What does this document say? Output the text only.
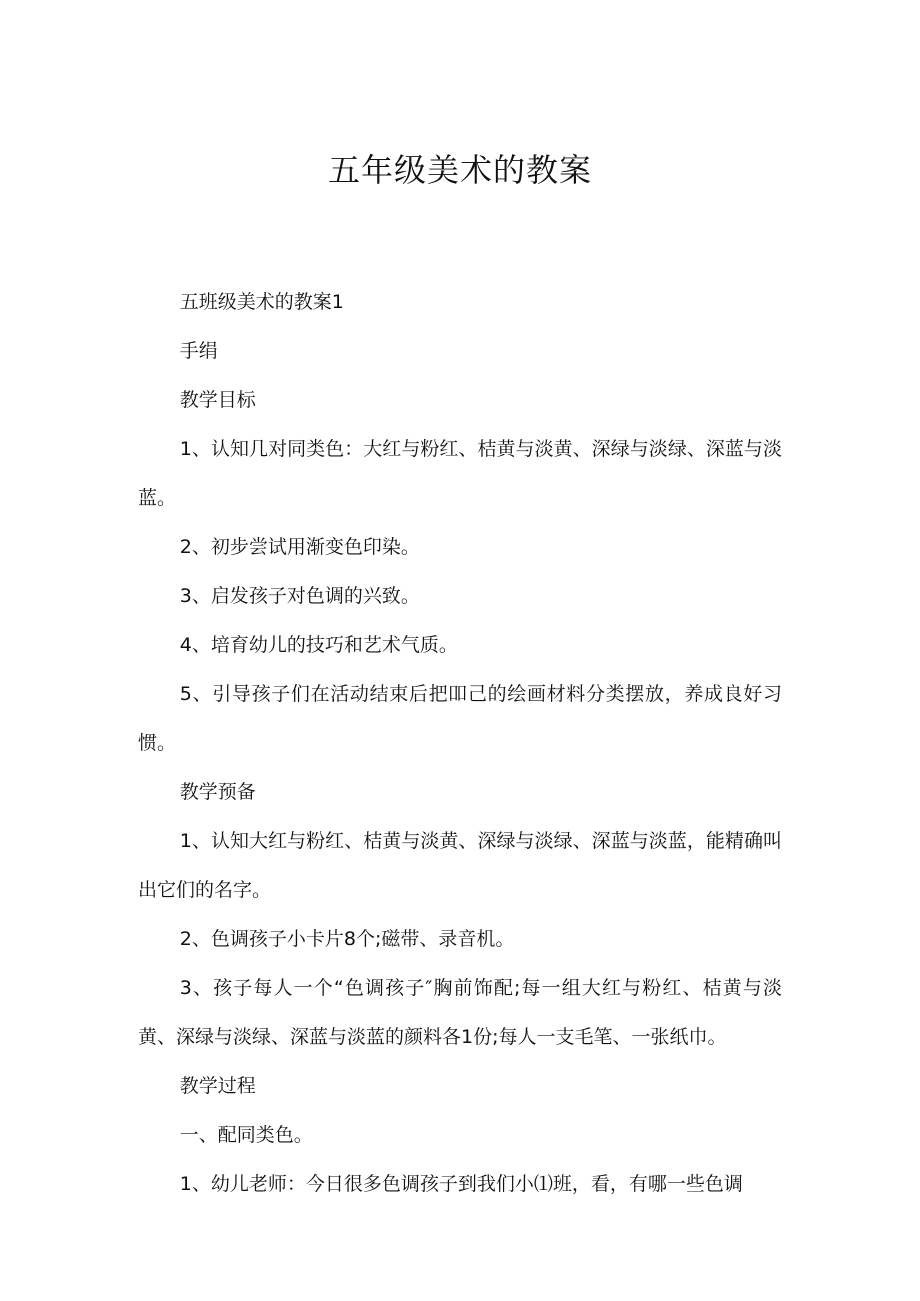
五年级美术的教案

五班级美术的教案1

手绢

教学目标

1、认知几对同类色：大红与粉红、桔黄与淡黄、深绿与淡绿、深蓝与淡蓝。

2、初步尝试用渐变色印染。

3、启发孩子对色调的兴致。

4、培育幼儿的技巧和艺术气质。

5、引导孩子们在活动结束后把吅己的绘画材料分类摆放，养成良好习惯。

教学预备

1、认知大红与粉红、桔黄与淡黄、深绿与淡绿、深蓝与淡蓝，能精确叫出它们的名字。

2、色调孩子小卡片8个;磁带、录音机。

3、孩子每人一个“色调孩子″胸前饰配;每一组大红与粉红、桔黄与淡黄、深绿与淡绿、深蓝与淡蓝的颜料各1份;每人一支毛笔、一张纸巾。

教学过程

一、配同类色。

1、幼儿老师：今日很多色调孩子到我们小⑴班，看，有哪一些色调
